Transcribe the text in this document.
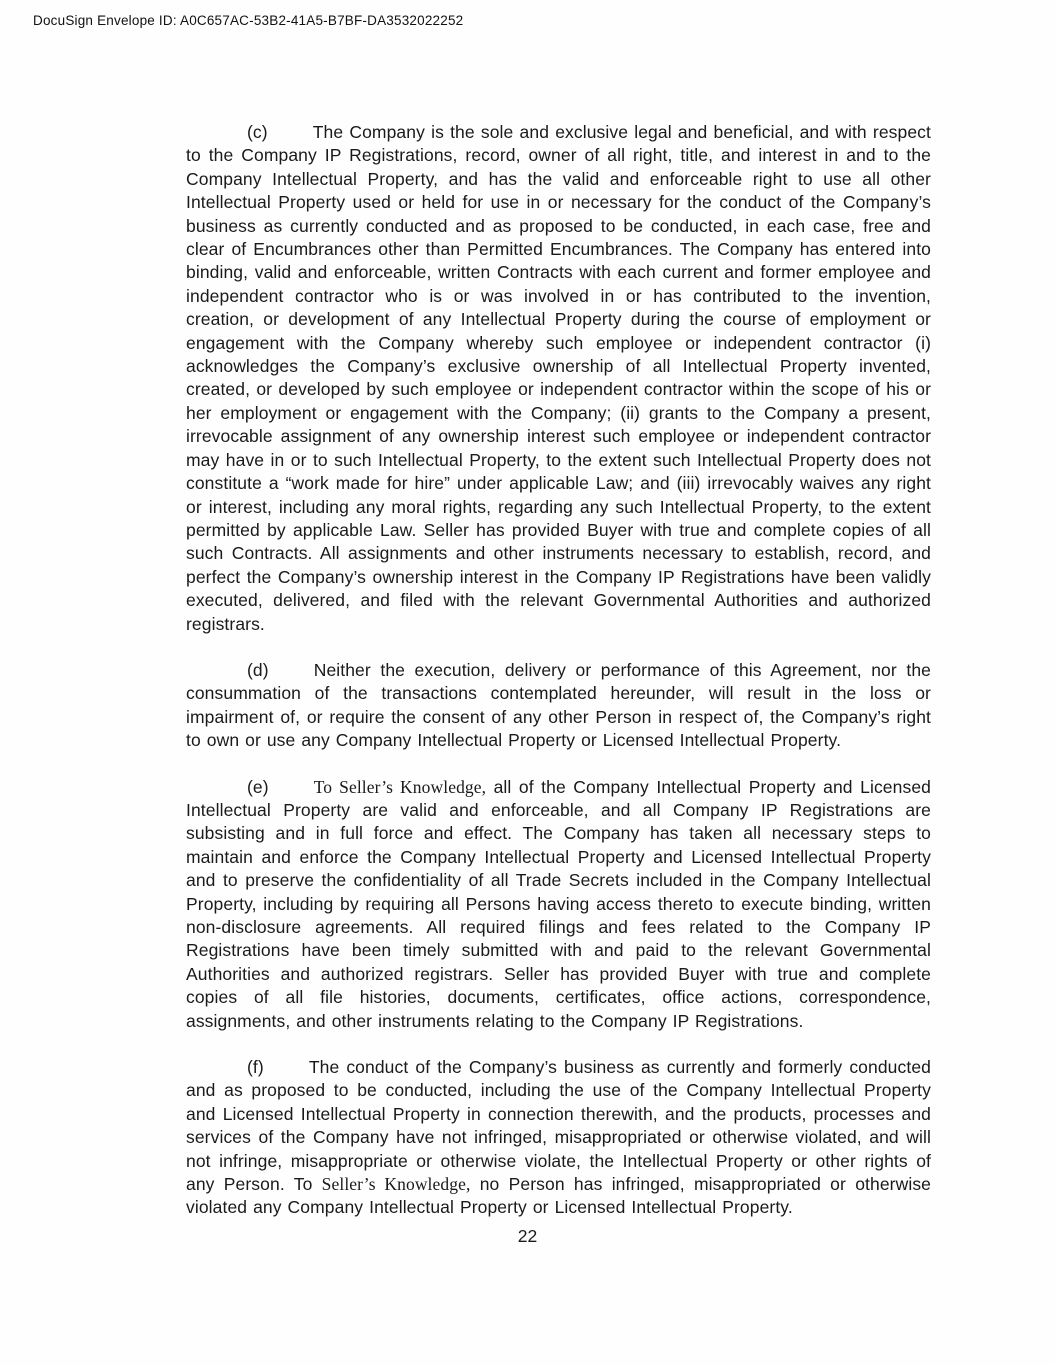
DocuSign Envelope ID: A0C657AC-53B2-41A5-B7BF-DA3532022252

(c)	The Company is the sole and exclusive legal and beneficial, and with respect to the Company IP Registrations, record, owner of all right, title, and interest in and to the Company Intellectual Property, and has the valid and enforceable right to use all other Intellectual Property used or held for use in or necessary for the conduct of the Company’s business as currently conducted and as proposed to be conducted, in each case, free and clear of Encumbrances other than Permitted Encumbrances. The Company has entered into binding, valid and enforceable, written Contracts with each current and former employee and independent contractor who is or was involved in or has contributed to the invention, creation, or development of any Intellectual Property during the course of employment or engagement with the Company whereby such employee or independent contractor (i) acknowledges the Company’s exclusive ownership of all Intellectual Property invented, created, or developed by such employee or independent contractor within the scope of his or her employment or engagement with the Company; (ii) grants to the Company a present, irrevocable assignment of any ownership interest such employee or independent contractor may have in or to such Intellectual Property, to the extent such Intellectual Property does not constitute a “work made for hire” under applicable Law; and (iii) irrevocably waives any right or interest, including any moral rights, regarding any such Intellectual Property, to the extent permitted by applicable Law. Seller has provided Buyer with true and complete copies of all such Contracts. All assignments and other instruments necessary to establish, record, and perfect the Company’s ownership interest in the Company IP Registrations have been validly executed, delivered, and filed with the relevant Governmental Authorities and authorized registrars.

(d)	Neither the execution, delivery or performance of this Agreement, nor the consummation of the transactions contemplated hereunder, will result in the loss or impairment of, or require the consent of any other Person in respect of, the Company’s right to own or use any Company Intellectual Property or Licensed Intellectual Property.

(e)	To Seller’s Knowledge, all of the Company Intellectual Property and Licensed Intellectual Property are valid and enforceable, and all Company IP Registrations are subsisting and in full force and effect. The Company has taken all necessary steps to maintain and enforce the Company Intellectual Property and Licensed Intellectual Property and to preserve the confidentiality of all Trade Secrets included in the Company Intellectual Property, including by requiring all Persons having access thereto to execute binding, written non-disclosure agreements. All required filings and fees related to the Company IP Registrations have been timely submitted with and paid to the relevant Governmental Authorities and authorized registrars. Seller has provided Buyer with true and complete copies of all file histories, documents, certificates, office actions, correspondence, assignments, and other instruments relating to the Company IP Registrations.

(f)	The conduct of the Company’s business as currently and formerly conducted and as proposed to be conducted, including the use of the Company Intellectual Property and Licensed Intellectual Property in connection therewith, and the products, processes and services of the Company have not infringed, misappropriated or otherwise violated, and will not infringe, misappropriate or otherwise violate, the Intellectual Property or other rights of any Person. To Seller’s Knowledge, no Person has infringed, misappropriated or otherwise violated any Company Intellectual Property or Licensed Intellectual Property.

22
